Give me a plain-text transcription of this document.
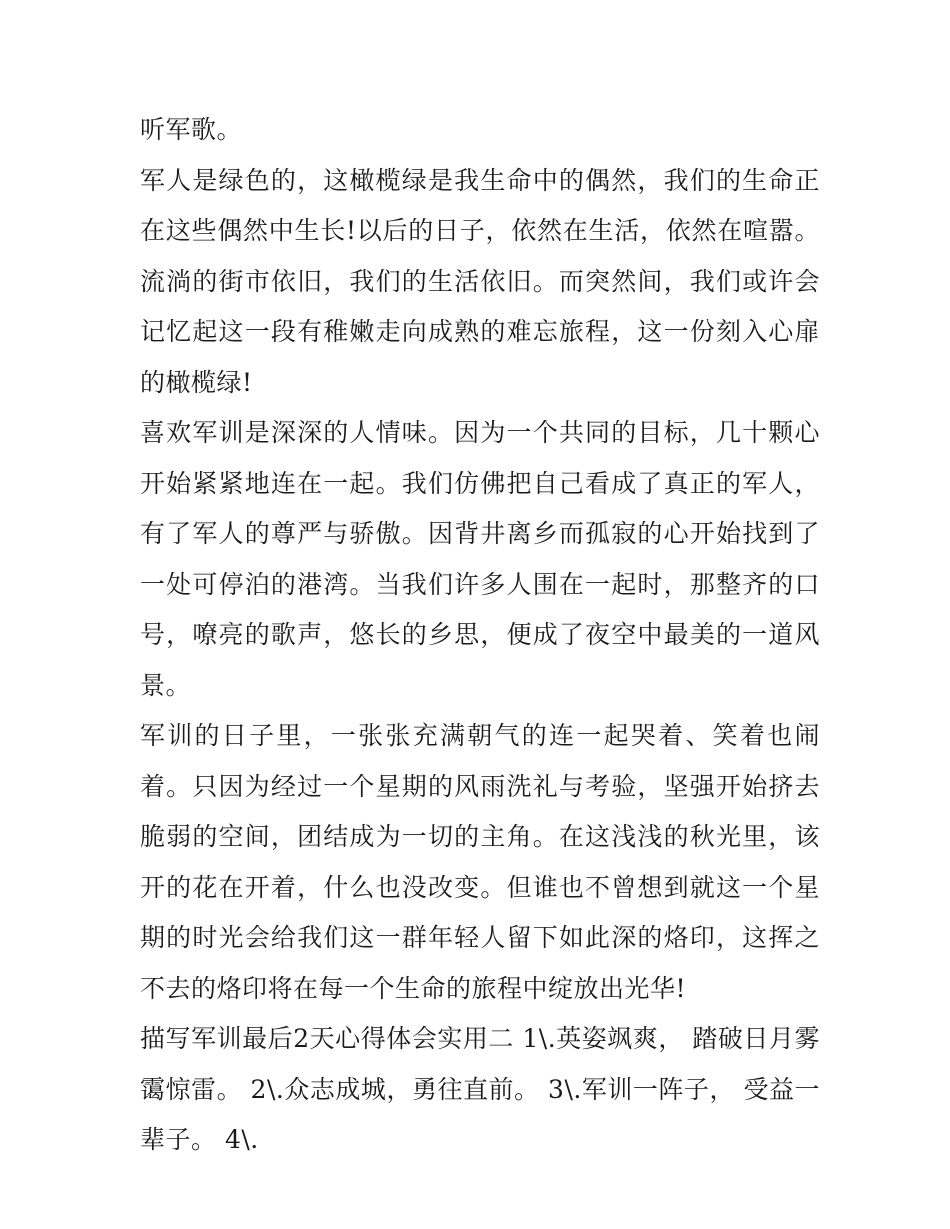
听军歌。

军人是绿色的，这橄榄绿是我生命中的偶然，我们的生命正在这些偶然中生长!以后的日子，依然在生活，依然在喧嚣。流淌的街市依旧，我们的生活依旧。而突然间，我们或许会记忆起这一段有稚嫩走向成熟的难忘旅程，这一份刻入心扉的橄榄绿!

喜欢军训是深深的人情味。因为一个共同的目标，几十颗心开始紧紧地连在一起。我们仿佛把自己看成了真正的军人，有了军人的尊严与骄傲。因背井离乡而孤寂的心开始找到了一处可停泊的港湾。当我们许多人围在一起时，那整齐的口号，嘹亮的歌声，悠长的乡思，便成了夜空中最美的一道风景。

军训的日子里，一张张充满朝气的连一起哭着、笑着也闹着。只因为经过一个星期的风雨洗礼与考验，坚强开始挤去脆弱的空间，团结成为一切的主角。在这浅浅的秋光里，该开的花在开着，什么也没改变。但谁也不曾想到就这一个星期的时光会给我们这一群年轻人留下如此深的烙印，这挥之不去的烙印将在每一个生命的旅程中绽放出光华!

描写军训最后2天心得体会实用二 1\.英姿飒爽， 踏破日月雾霭惊雷。 2\.众志成城，勇往直前。 3\.军训一阵子， 受益一辈子。 4\.
